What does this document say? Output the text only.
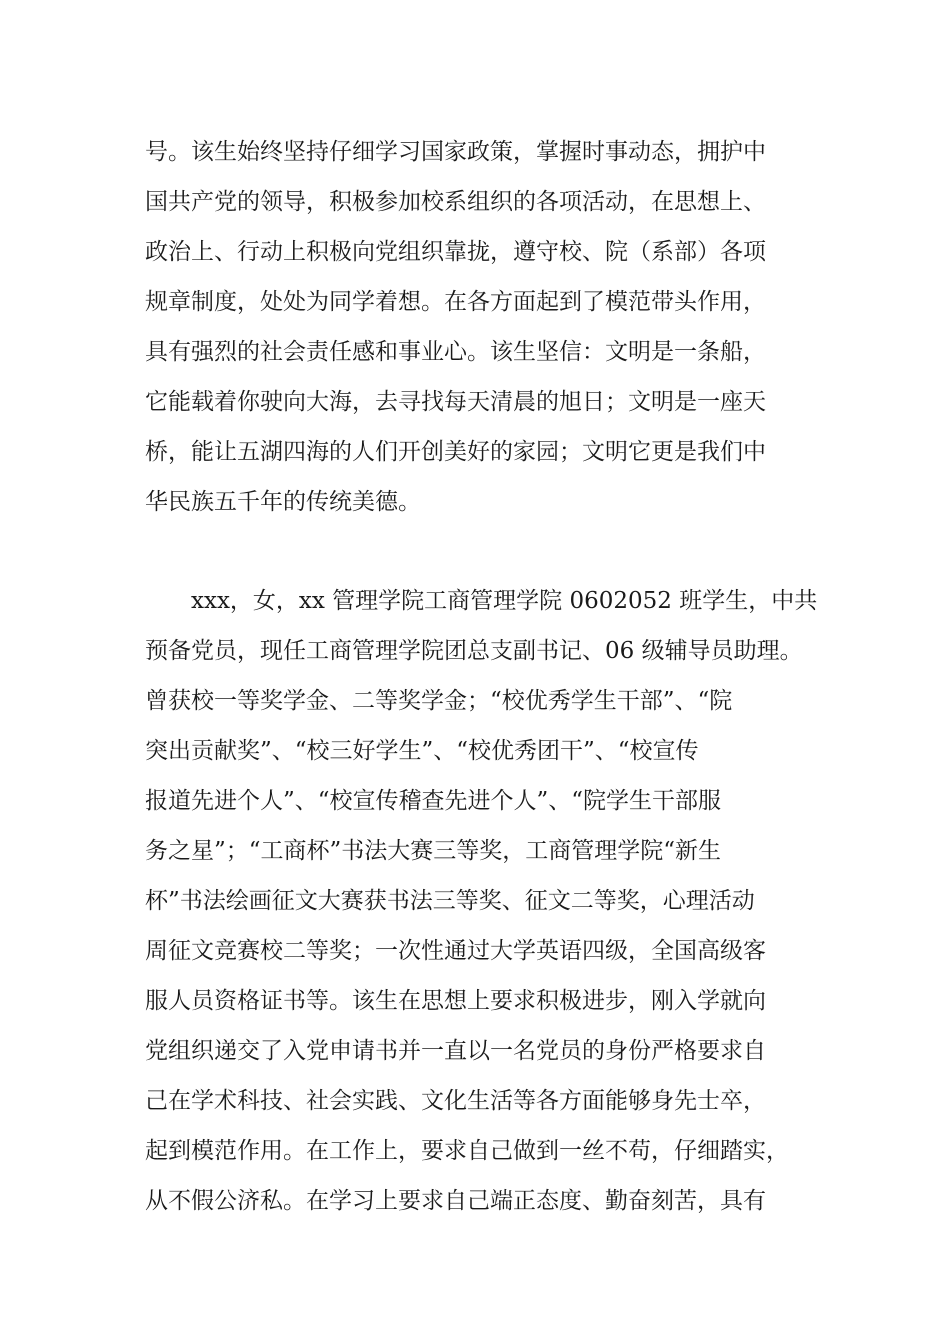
号。该生始终坚持仔细学习国家政策，掌握时事动态，拥护中
国共产党的领导，积极参加校系组织的各项活动，在思想上、
政治上、行动上积极向党组织靠拢，遵守校、院（系部）各项
规章制度，处处为同学着想。在各方面起到了模范带头作用，
具有强烈的社会责任感和事业心。该生坚信：文明是一条船，
它能载着你驶向大海，去寻找每天清晨的旭日；文明是一座天
桥，能让五湖四海的人们开创美好的家园；文明它更是我们中
华民族五千年的传统美德。
xxx，女，xx 管理学院工商管理学院 0602052 班学生，中共
预备党员，现任工商管理学院团总支副书记、06 级辅导员助理。
曾获校一等奖学金、二等奖学金；“校优秀学生干部”、“院
突出贡献奖”、“校三好学生”、“校优秀团干”、“校宣传
报道先进个人”、“校宣传稽查先进个人”、“院学生干部服
务之星”；“工商杯”书法大赛三等奖，工商管理学院“新生
杯”书法绘画征文大赛获书法三等奖、征文二等奖，心理活动
周征文竞赛校二等奖；一次性通过大学英语四级，全国高级客
服人员资格证书等。该生在思想上要求积极进步，刚入学就向
党组织递交了入党申请书并一直以一名党员的身份严格要求自
己在学术科技、社会实践、文化生活等各方面能够身先士卒，
起到模范作用。在工作上，要求自己做到一丝不苟，仔细踏实，
从不假公济私。在学习上要求自己端正态度、勤奋刻苦，具有
